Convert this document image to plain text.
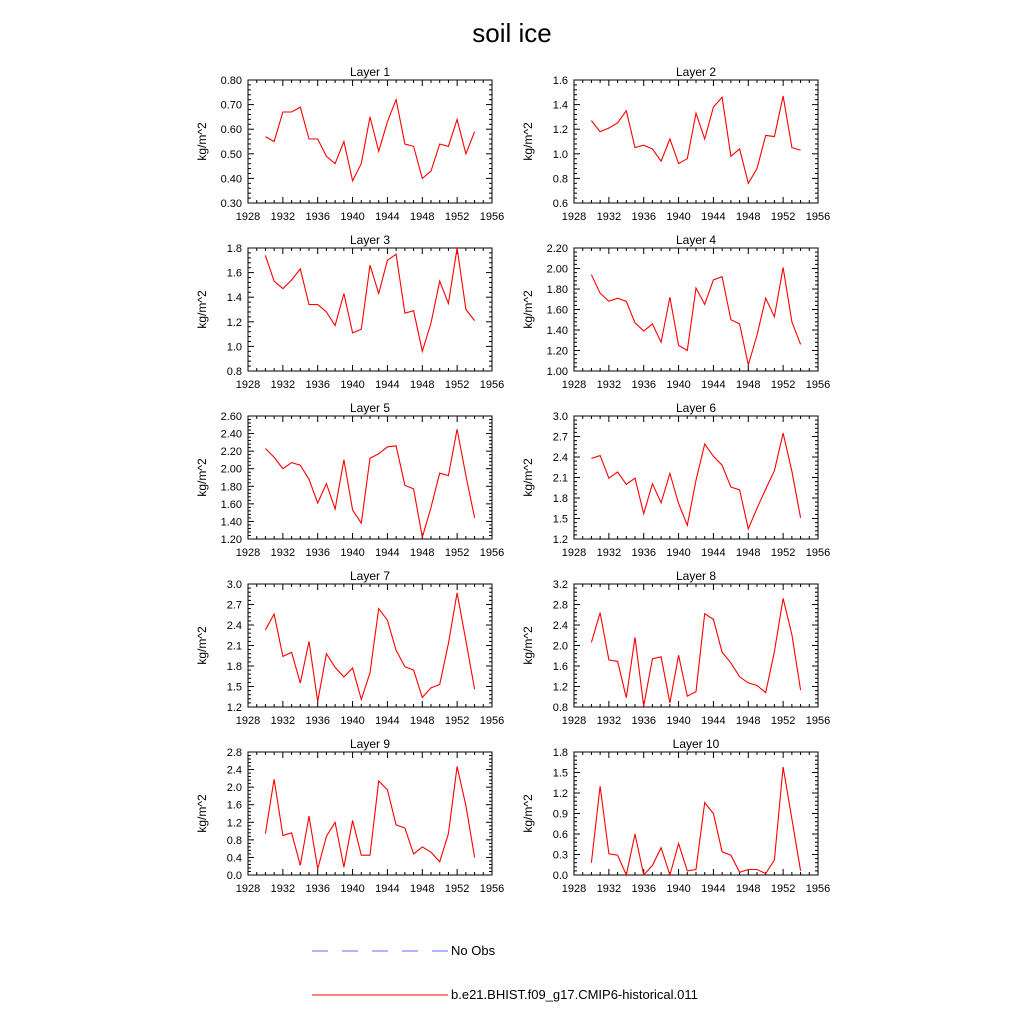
soil ice
Layer 1
1928 1932 1936 1940 1944 1948 1952 1956
0.30
0.40
0.50
0.60
0.70
0.80
kg/m^2
Layer 2
1928 1932 1936 1940 1944 1948 1952 1956
0.6
0.8
1.0
1.2
1.4
1.6
kg/m^2
Layer 3
1928 1932 1936 1940 1944 1948 1952 1956
0.8
1.0
1.2
1.4
1.6
1.8
kg/m^2
Layer 4
1928 1932 1936 1940 1944 1948 1952 1956
1.00
1.20
1.40
1.60
1.80
2.00
2.20
kg/m^2
Layer 5
1928 1932 1936 1940 1944 1948 1952 1956
1.20
1.40
1.60
1.80
2.00
2.20
2.40
2.60
kg/m^2
Layer 6
1928 1932 1936 1940 1944 1948 1952 1956
1.2
1.5
1.8
2.1
2.4
2.7
3.0
kg/m^2
Layer 7
1928 1932 1936 1940 1944 1948 1952 1956
1.2
1.5
1.8
2.1
2.4
2.7
3.0
kg/m^2
Layer 8
1928 1932 1936 1940 1944 1948 1952 1956
0.8
1.2
1.6
2.0
2.4
2.8
3.2
kg/m^2
Layer 9
1928 1932 1936 1940 1944 1948 1952 1956
0.0
0.4
0.8
1.2
1.6
2.0
2.4
2.8
kg/m^2
Layer 10
1928 1932 1936 1940 1944 1948 1952 1956
0.0
0.3
0.6
0.9
1.2
1.5
1.8
kg/m^2
No Obs
b.e21.BHIST.f09_g17.CMIP6-historical.011
